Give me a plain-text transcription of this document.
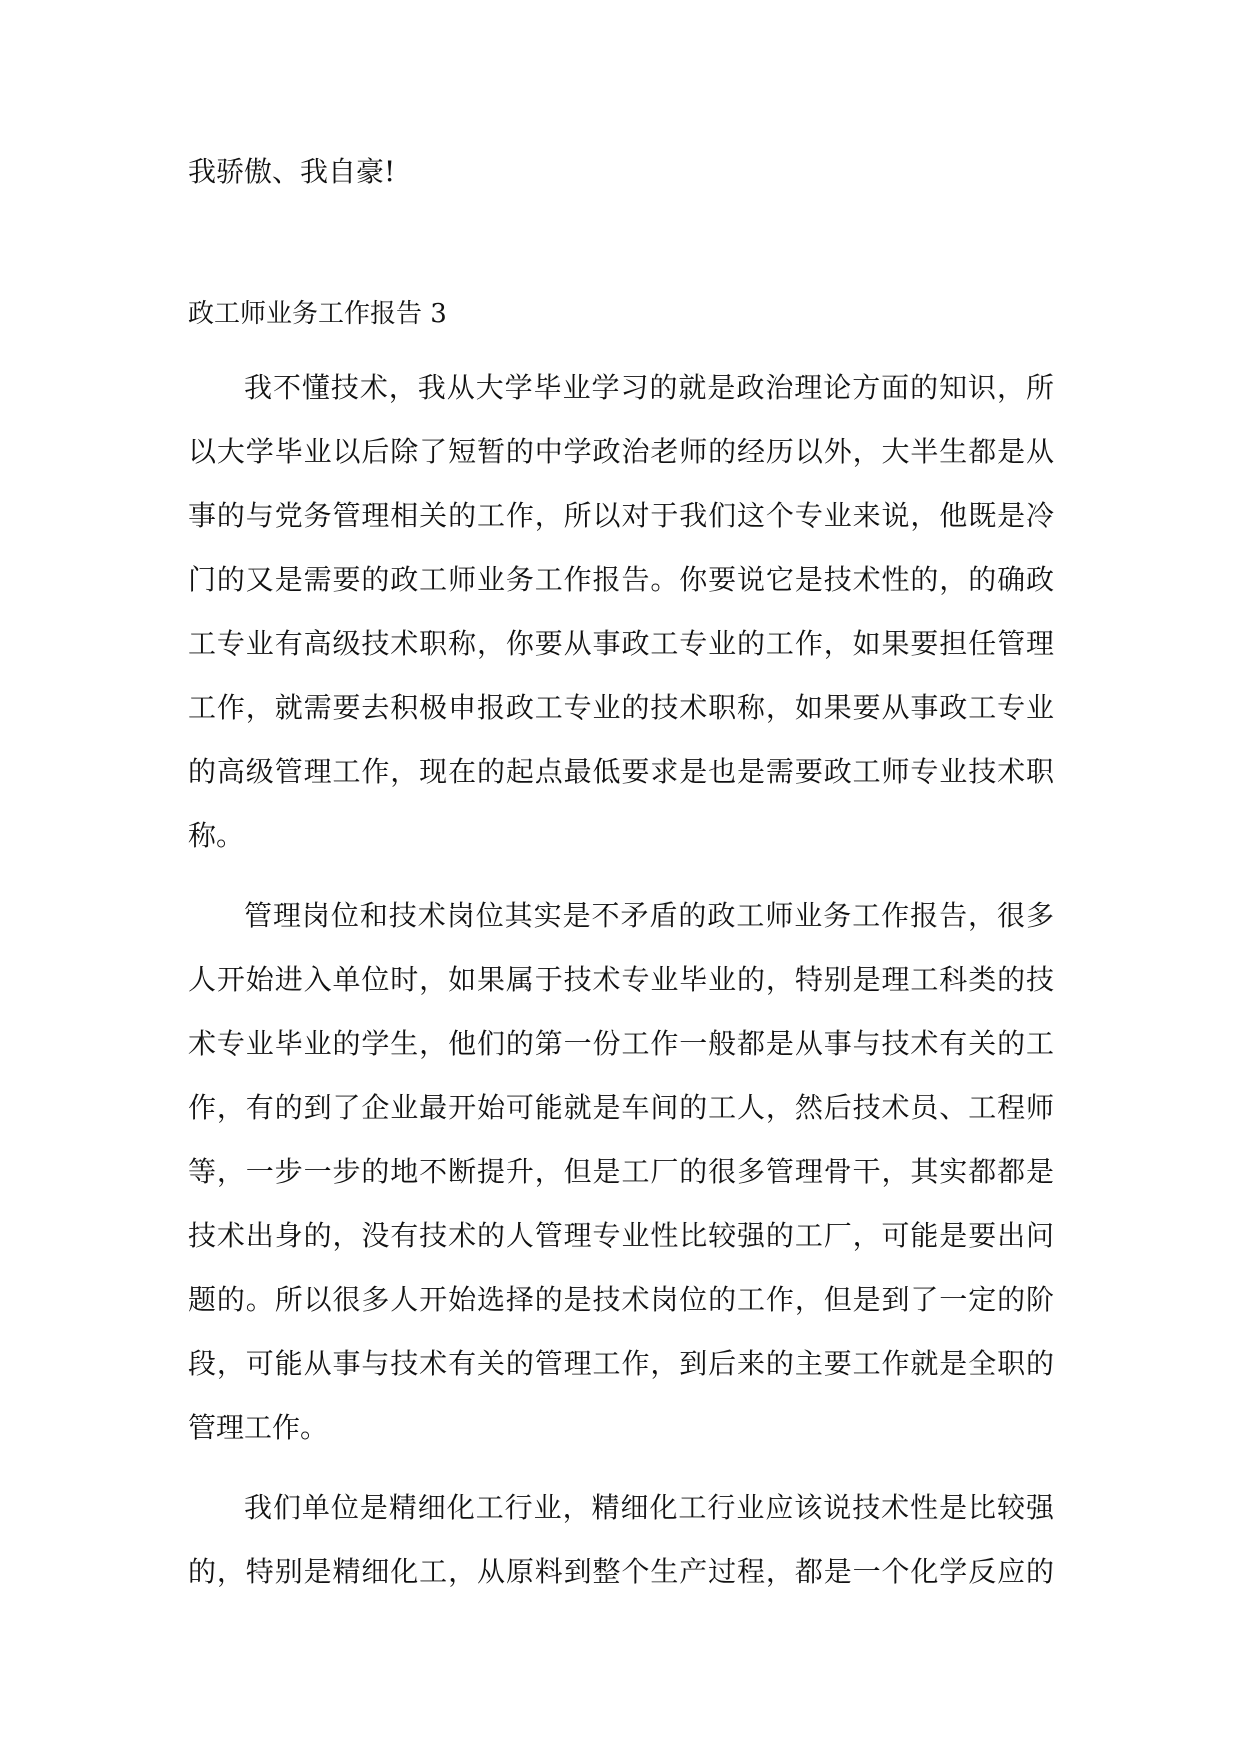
我骄傲、我自豪!

政工师业务工作报告 3

我不懂技术，我从大学毕业学习的就是政治理论方面的知识，所

以大学毕业以后除了短暂的中学政治老师的经历以外，大半生都是从

事的与党务管理相关的工作，所以对于我们这个专业来说，他既是冷

门的又是需要的政工师业务工作报告。你要说它是技术性的，的确政

工专业有高级技术职称，你要从事政工专业的工作，如果要担任管理

工作，就需要去积极申报政工专业的技术职称，如果要从事政工专业

的高级管理工作，现在的起点最低要求是也是需要政工师专业技术职

称。

管理岗位和技术岗位其实是不矛盾的政工师业务工作报告，很多

人开始进入单位时，如果属于技术专业毕业的，特别是理工科类的技

术专业毕业的学生，他们的第一份工作一般都是从事与技术有关的工

作，有的到了企业最开始可能就是车间的工人，然后技术员、工程师

等，一步一步的地不断提升，但是工厂的很多管理骨干，其实都都是

技术出身的，没有技术的人管理专业性比较强的工厂，可能是要出问

题的。所以很多人开始选择的是技术岗位的工作，但是到了一定的阶

段，可能从事与技术有关的管理工作，到后来的主要工作就是全职的

管理工作。

我们单位是精细化工行业，精细化工行业应该说技术性是比较强

的，特别是精细化工，从原料到整个生产过程，都是一个化学反应的
